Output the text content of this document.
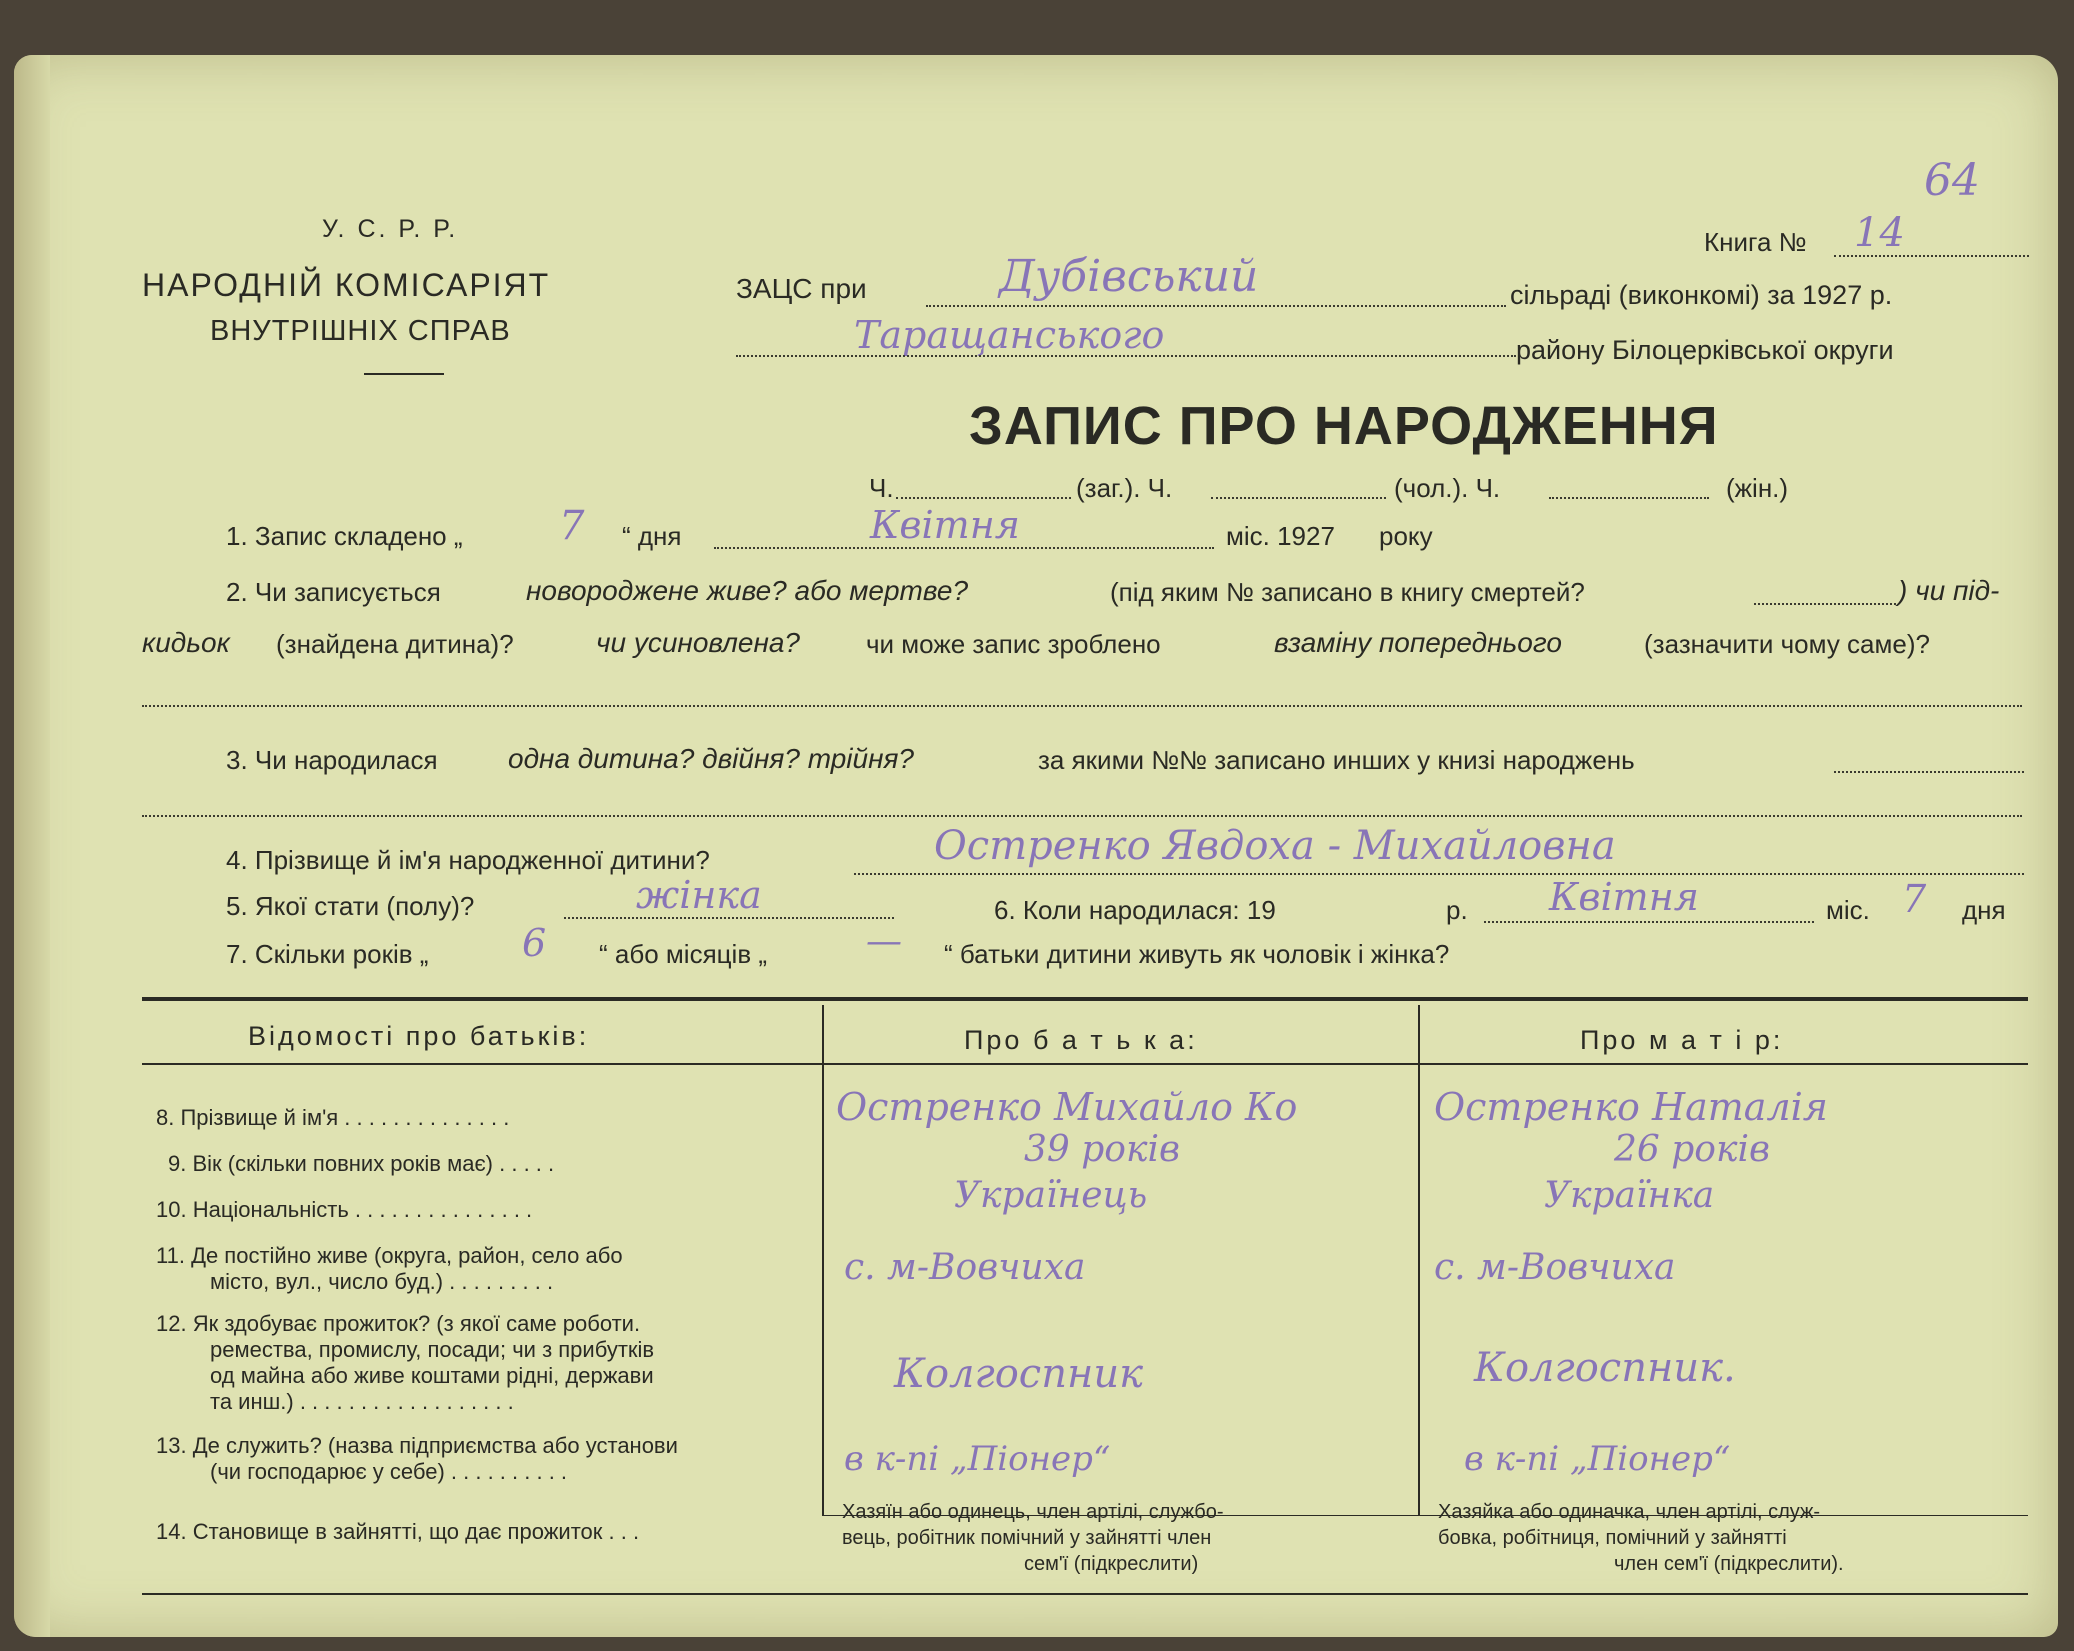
У. С. Р. Р.
НАРОДНІЙ КОМІСАРІЯТ
ВНУТРІШНІХ СПРАВ
Книга № 14
64
ЗАЦС при	Дубівський	сільраді (виконкомі) за 1927 р.
Таращанського	району Білоцерківської округи
ЗАПИС ПРО НАРОДЖЕННЯ
Ч.	(заг.). Ч.	(чол.). Ч.	(жін.)
1. Запис складено „ 7 “ дня	Квітня	міс. 1927 року
2. Чи записується	новороджене живе? або мертве?	(під яким № записано в книгу смертей?	) чи під-
кидьок (знайдена дитина)?	чи усиновлена?	чи може запис зроблено	взаміну попереднього	(зазначити чому саме)?
3. Чи народилася	одна дитина? двійня? трійня?	за якими №№ записано инших у книзі народжень
4. Прізвище й ім'я народженної дитини?	Остренко Явдоха - Михайловна
5. Якої стати (полу)?	жінка	6. Коли народилася: 19	р. Квітня	міс. 7 дня
7. Скільки років „ 6 “ або місяців „	— “ батьки дитини живуть як чоловік і жінка?
Відомості про батьків:	Про б а т ь к а:	Про м а т і р:
8. Прізвище й ім'я . . . . . . . . . . . . . .	Остренко Михайло Ко	Остренко Наталія
9. Вік (скільки повних років має) . . . . .	39 років	26 років
10. Національність . . . . . . . . . . . . . . .	Українець	Українка
11. Де постійно живе (округа, район, село або
місто, вул., число буд.) . . . . . . . . .	с. м-Вовчиха	с. м-Вовчиха
12. Як здобуває прожиток? (з якої саме роботи.
ремества, промислу, посади; чи з прибутків
од майна або живе коштами рідні, держави
та инш.) . . . . . . . . . . . . . . . . . .
Колгоспник	Колгоспник.
13. Де служить? (назва підприємства або установи
(чи господарює у себе) . . . . . . . . . .	в к-пі „Піонер“	в к-пі „Піонер“
14. Становище в зайнятті, що дає прожиток . . .
Хазяїн або одинець, член артілі, службо-
вець, робітник помічний у зайнятті член
сем'ї (підкреслити)
Хазяйка або одиначка, член артілі, служ-
бовка, робітниця, помічний у зайнятті
член сем'ї (підкреслити).
